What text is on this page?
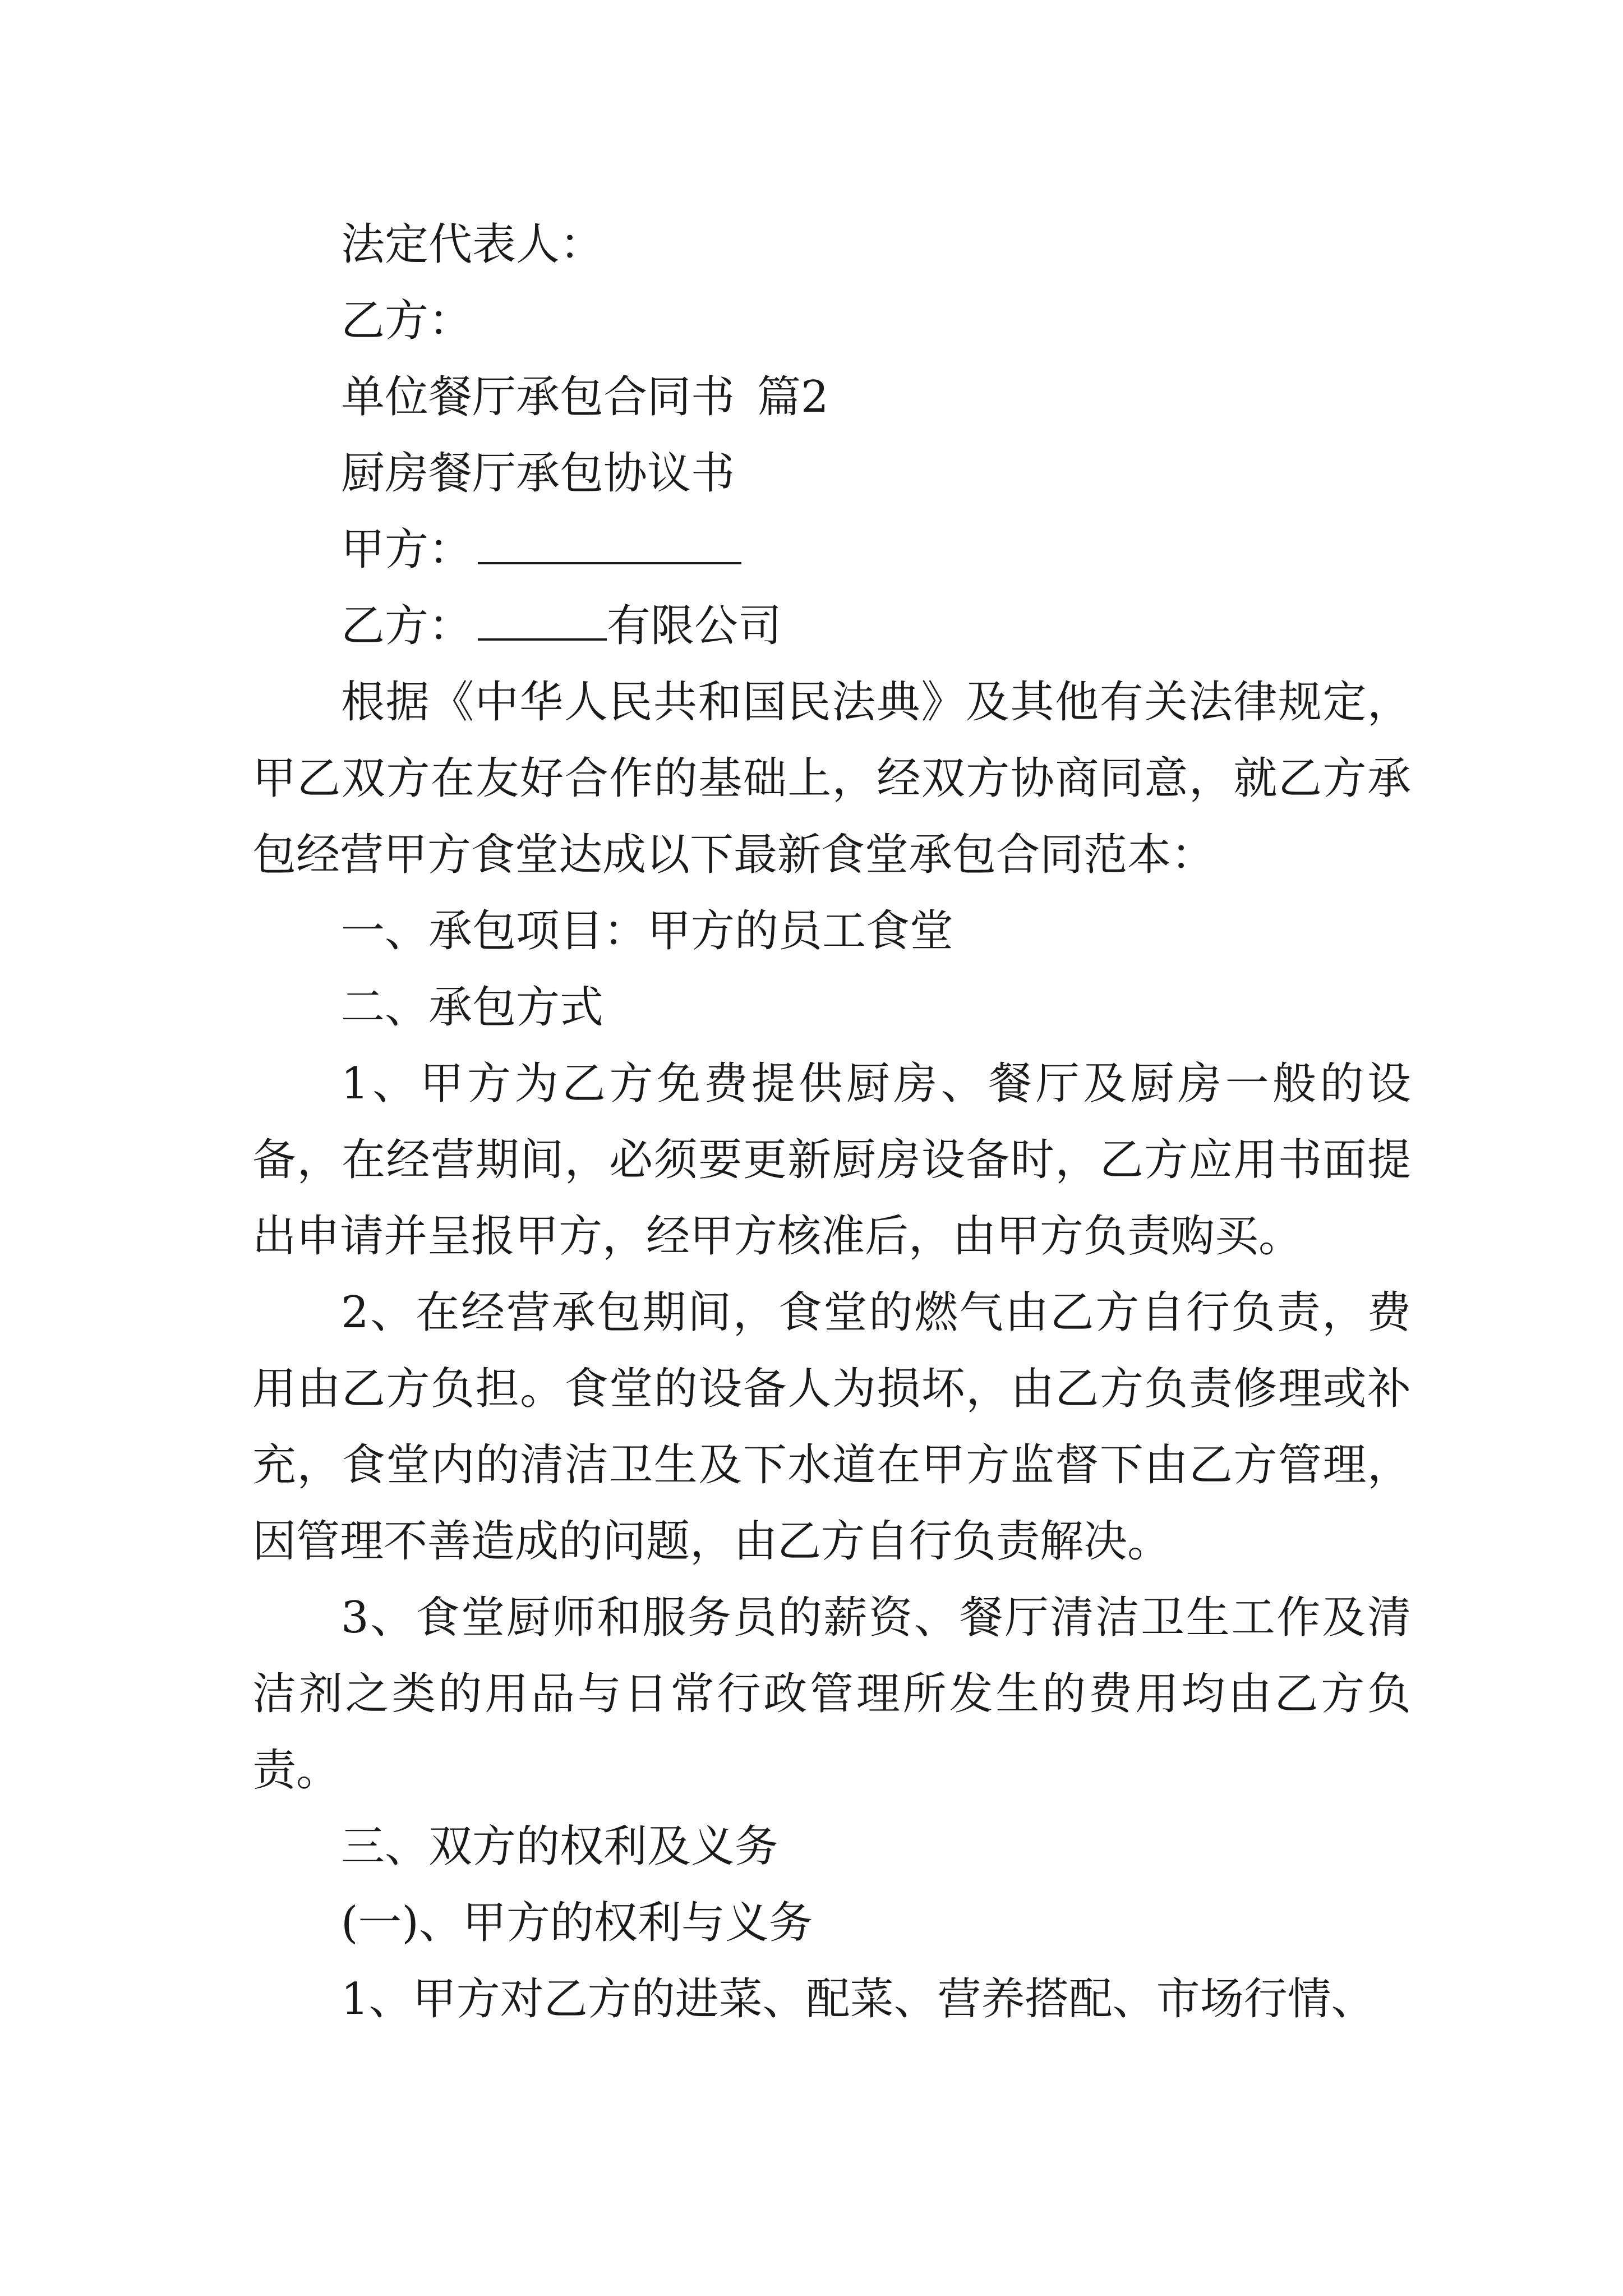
法定代表人：

乙方：

单位餐厅承包合同书 篇2

厨房餐厅承包协议书

甲方：

乙方：	有限公司

根据《中华人民共和国民法典》及其他有关法律规定，甲乙双方在友好合作的基础上，经双方协商同意，就乙方承包经营甲方食堂达成以下最新食堂承包合同范本：

一、承包项目：甲方的员工食堂

二、承包方式

1、甲方为乙方免费提供厨房、餐厅及厨房一般的设备，在经营期间，必须要更新厨房设备时，乙方应用书面提出申请并呈报甲方，经甲方核准后，由甲方负责购买。

2、在经营承包期间，食堂的燃气由乙方自行负责，费用由乙方负担。食堂的设备人为损坏，由乙方负责修理或补充，食堂内的清洁卫生及下水道在甲方监督下由乙方管理，因管理不善造成的问题，由乙方自行负责解决。

3、食堂厨师和服务员的薪资、餐厅清洁卫生工作及清洁剂之类的用品与日常行政管理所发生的费用均由乙方负责。

三、双方的权利及义务

(一)、甲方的权利与义务

1、甲方对乙方的进菜、配菜、营养搭配、市场行情、
